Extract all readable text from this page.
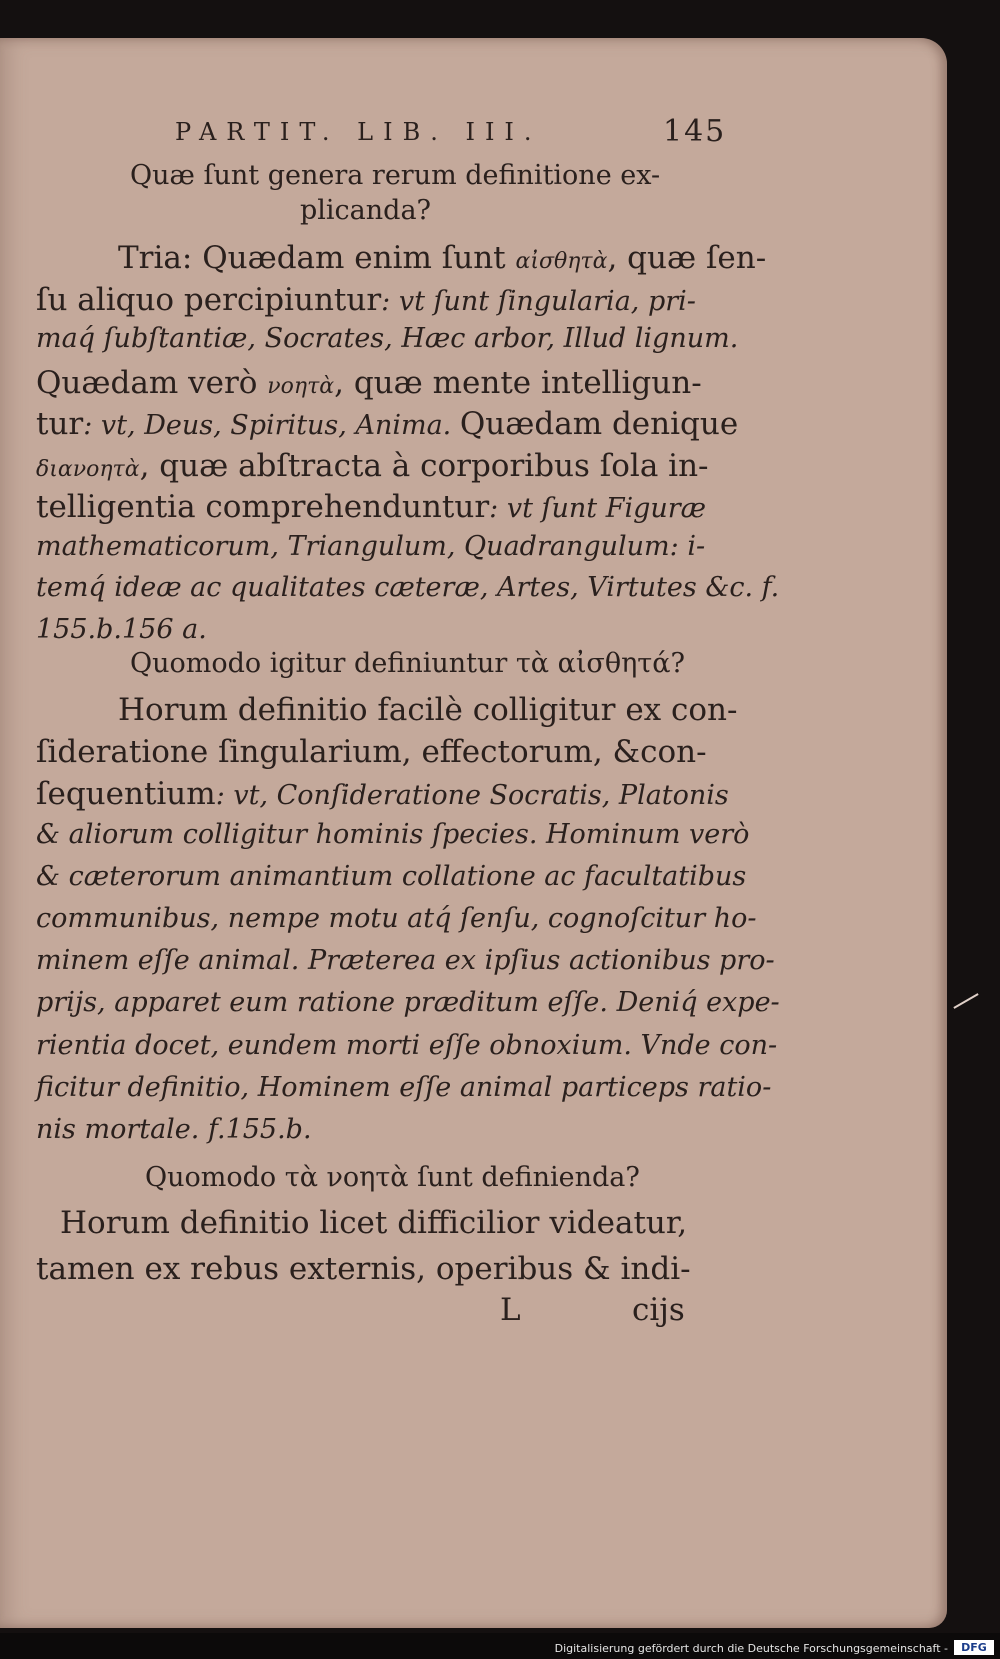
PARTIT. LIB. III.	145
Quæ ſunt genera rerum definitione ex-
plicanda?
Tria: Quædam enim ſunt αἰσθητὰ, quæ ſen-
ſu aliquo percipiuntur: vt ſunt ſingularia, pri-
maq́ ſubſtantiæ, Socrates, Hæc arbor, Illud lignum.
Quædam verò νοητὰ, quæ mente intelligun-
tur: vt, Deus, Spiritus, Anima. Quædam denique
διανοητὰ, quæ abſtracta à corporibus ſola in-
telligentia comprehenduntur: vt ſunt Figuræ
mathematicorum, Triangulum, Quadrangulum: i-
temq́ ideæ ac qualitates cæteræ, Artes, Virtutes &c. f.
155.b.156 a.
Quomodo igitur definiuntur τὰ αἰσθητά?
Horum definitio facilè colligitur ex con-
ſideratione ſingularium, effectorum, &con-
ſequentium: vt, Conſideratione Socratis, Platonis
& aliorum colligitur hominis ſpecies. Hominum verò
& cæterorum animantium collatione ac facultatibus
communibus, nempe motu atq́ ſenſu, cognoſcitur ho-
minem eſſe animal. Præterea ex ipſius actionibus pro-
prijs, apparet eum ratione præditum eſſe. Deniq́ expe-
rientia docet, eundem morti eſſe obnoxium. Vnde con-
ficitur definitio, Hominem eſſe animal particeps ratio-
nis mortale. f.155.b.
Quomodo τὰ νοητὰ ſunt definienda?
Horum definitio licet difficilior videatur,
tamen ex rebus externis, operibus & indi-
L	cijs
Digitalisierung gefördert durch die Deutsche Forschungsgemeinschaft -	DFG
